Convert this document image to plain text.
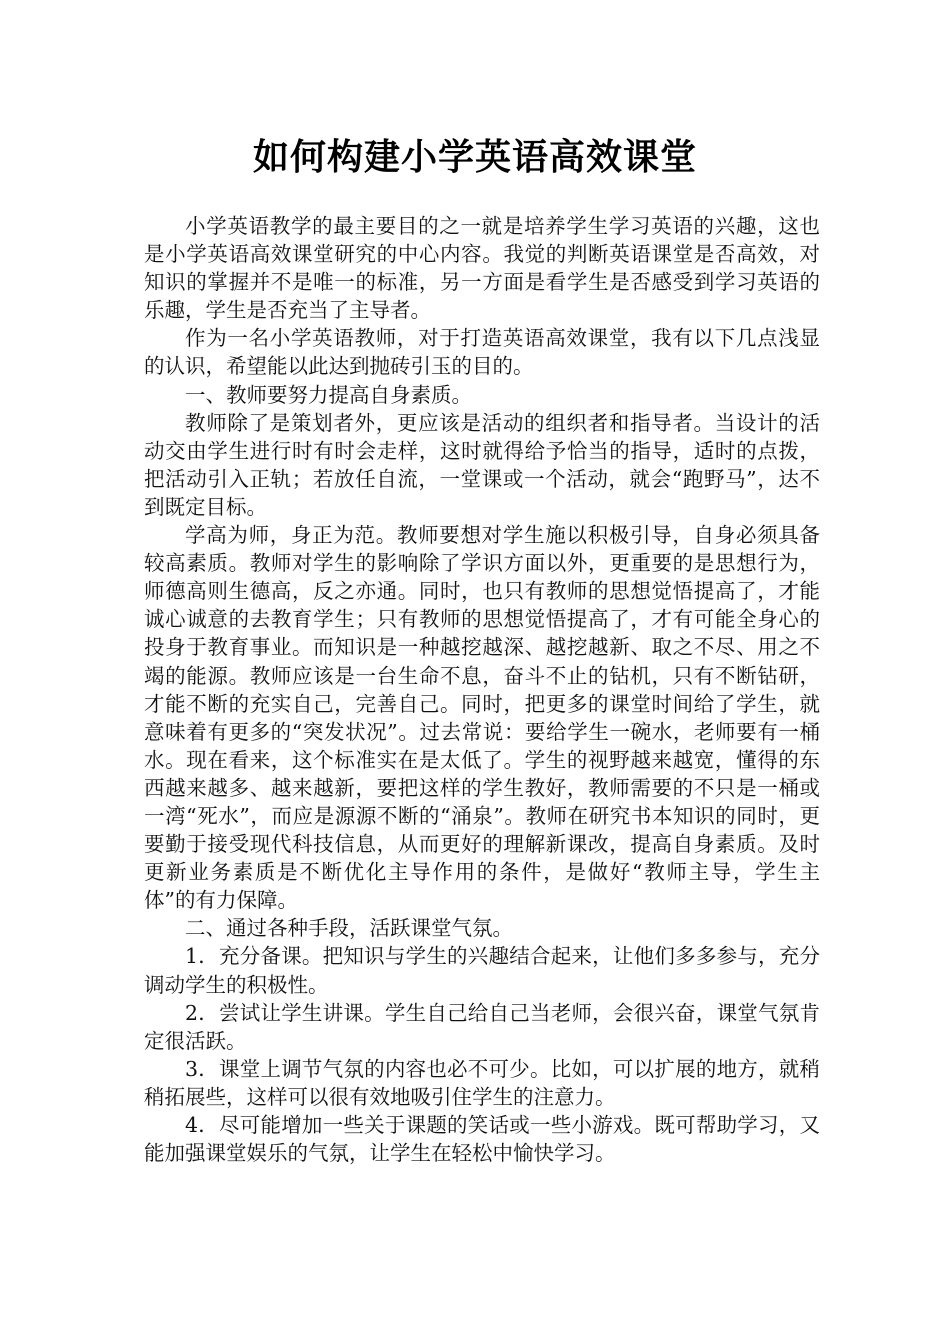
如何构建小学英语高效课堂

小学英语教学的最主要目的之一就是培养学生学习英语的兴趣，这也是小学英语高效课堂研究的中心内容。我觉的判断英语课堂是否高效，对知识的掌握并不是唯一的标准，另一方面是看学生是否感受到学习英语的乐趣，学生是否充当了主导者。

作为一名小学英语教师，对于打造英语高效课堂，我有以下几点浅显的认识，希望能以此达到抛砖引玉的目的。

一、教师要努力提高自身素质。

教师除了是策划者外，更应该是活动的组织者和指导者。当设计的活动交由学生进行时有时会走样，这时就得给予恰当的指导，适时的点拨，把活动引入正轨；若放任自流，一堂课或一个活动，就会“跑野马”，达不到既定目标。

学高为师，身正为范。教师要想对学生施以积极引导，自身必须具备较高素质。教师对学生的影响除了学识方面以外，更重要的是思想行为，师德高则生德高，反之亦通。同时，也只有教师的思想觉悟提高了，才能诚心诚意的去教育学生；只有教师的思想觉悟提高了，才有可能全身心的投身于教育事业。而知识是一种越挖越深、越挖越新、取之不尽、用之不竭的能源。教师应该是一台生命不息，奋斗不止的钻机，只有不断钻研，才能不断的充实自己，完善自己。同时，把更多的课堂时间给了学生，就意味着有更多的“突发状况”。过去常说：要给学生一碗水，老师要有一桶水。现在看来，这个标准实在是太低了。学生的视野越来越宽，懂得的东西越来越多、越来越新，要把这样的学生教好，教师需要的不只是一桶或一湾“死水”，而应是源源不断的“涌泉”。教师在研究书本知识的同时，更要勤于接受现代科技信息，从而更好的理解新课改，提高自身素质。及时更新业务素质是不断优化主导作用的条件，是做好“教师主导，学生主体”的有力保障。

二、通过各种手段，活跃课堂气氛。

1．充分备课。把知识与学生的兴趣结合起来，让他们多多参与，充分调动学生的积极性。

2．尝试让学生讲课。学生自己给自己当老师，会很兴奋，课堂气氛肯定很活跃。

3．课堂上调节气氛的内容也必不可少。比如，可以扩展的地方，就稍稍拓展些，这样可以很有效地吸引住学生的注意力。

4．尽可能增加一些关于课题的笑话或一些小游戏。既可帮助学习，又能加强课堂娱乐的气氛，让学生在轻松中愉快学习。
